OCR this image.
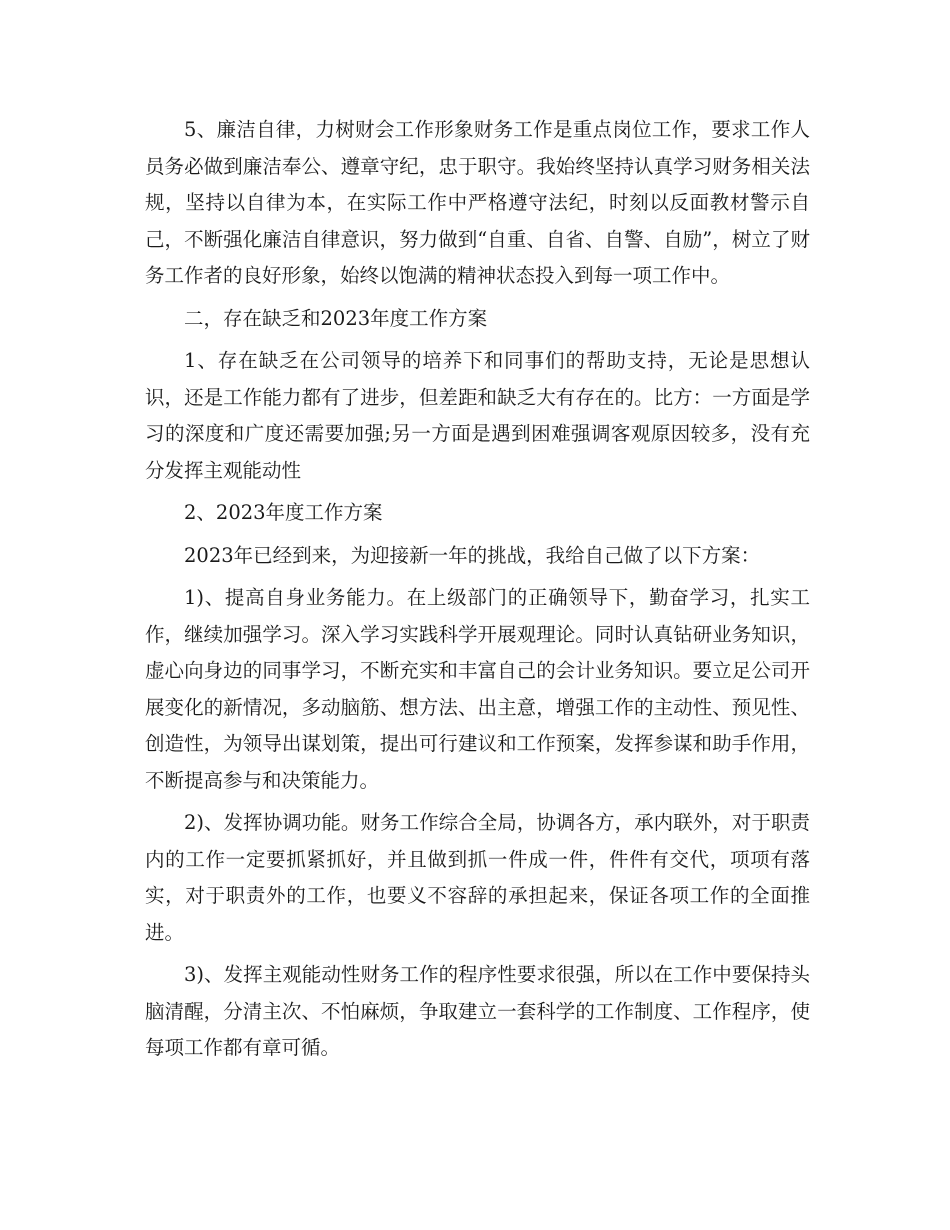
5、廉洁自律，力树财会工作形象财务工作是重点岗位工作，要求工作人员务必做到廉洁奉公、遵章守纪，忠于职守。我始终坚持认真学习财务相关法规，坚持以自律为本，在实际工作中严格遵守法纪，时刻以反面教材警示自己，不断强化廉洁自律意识，努力做到“自重、自省、自警、自励”，树立了财务工作者的良好形象，始终以饱满的精神状态投入到每一项工作中。

二，存在缺乏和2023年度工作方案

1、存在缺乏在公司领导的培养下和同事们的帮助支持，无论是思想认识，还是工作能力都有了进步，但差距和缺乏大有存在的。比方：一方面是学习的深度和广度还需要加强;另一方面是遇到困难强调客观原因较多，没有充分发挥主观能动性

2、2023年度工作方案

2023年已经到来，为迎接新一年的挑战，我给自己做了以下方案：

1)、提高自身业务能力。在上级部门的正确领导下，勤奋学习，扎实工作，继续加强学习。深入学习实践科学开展观理论。同时认真钻研业务知识，虚心向身边的同事学习，不断充实和丰富自己的会计业务知识。要立足公司开展变化的新情况，多动脑筋、想方法、出主意，增强工作的主动性、预见性、创造性，为领导出谋划策，提出可行建议和工作预案，发挥参谋和助手作用，不断提高参与和决策能力。

2)、发挥协调功能。财务工作综合全局，协调各方，承内联外，对于职责内的工作一定要抓紧抓好，并且做到抓一件成一件，件件有交代，项项有落实，对于职责外的工作，也要义不容辞的承担起来，保证各项工作的全面推进。

3)、发挥主观能动性财务工作的程序性要求很强，所以在工作中要保持头脑清醒，分清主次、不怕麻烦，争取建立一套科学的工作制度、工作程序，使每项工作都有章可循。
